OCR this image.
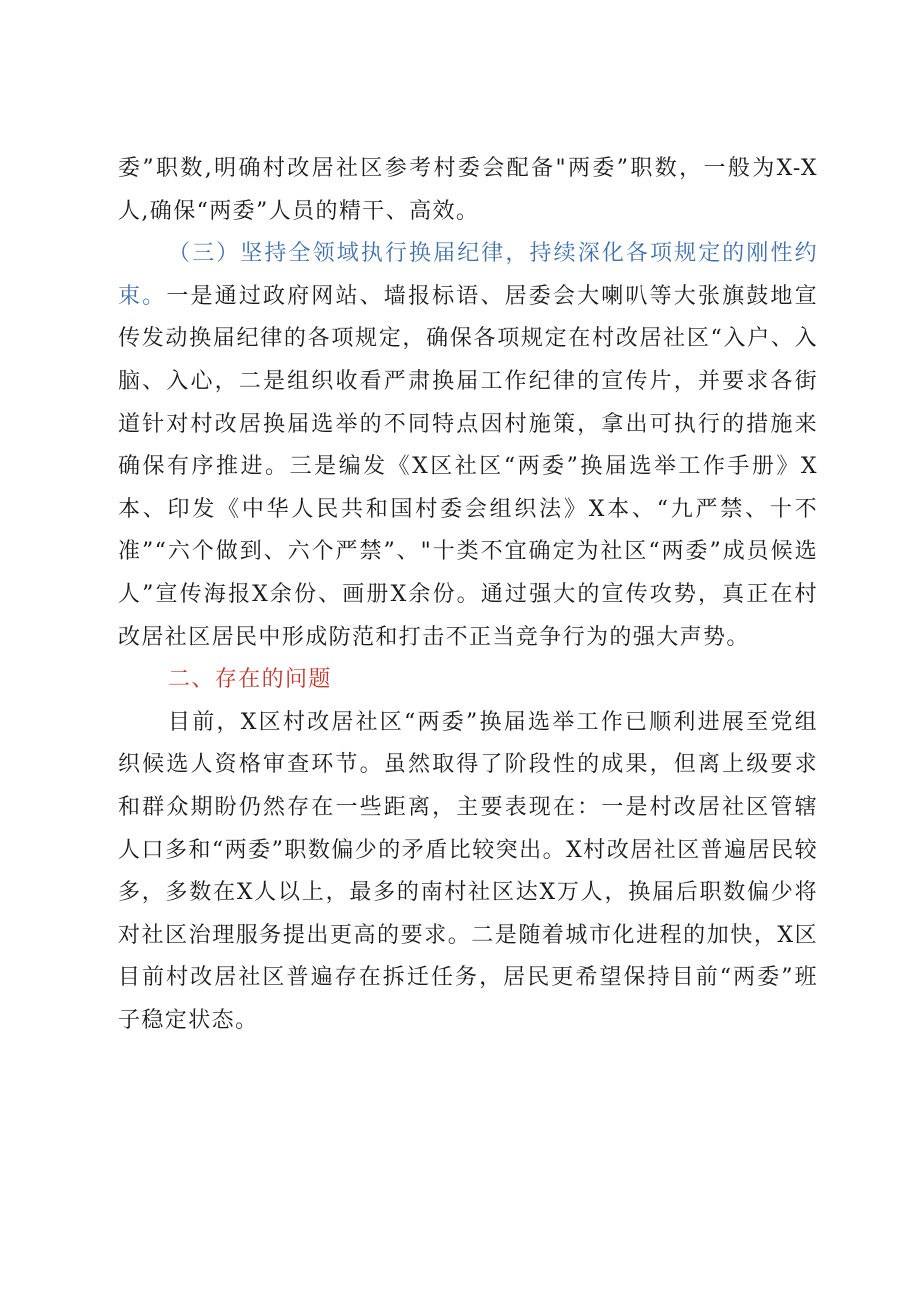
委”职数,明确村改居社区参考村委会配备"两委”职数，一般为X-X人,确保“两委”人员的精干、高效。

（三）坚持全领域执行换届纪律，持续深化各项规定的刚性约束。一是通过政府网站、墙报标语、居委会大喇叭等大张旗鼓地宣传发动换届纪律的各项规定，确保各项规定在村改居社区“入户、入脑、入心，二是组织收看严肃换届工作纪律的宣传片，并要求各街道针对村改居换届选举的不同特点因村施策，拿出可执行的措施来确保有序推进。三是编发《X区社区“两委”换届选举工作手册》X本、印发《中华人民共和国村委会组织法》X本、“九严禁、十不准”“六个做到、六个严禁”、"十类不宜确定为社区“两委”成员候选人”宣传海报X余份、画册X余份。通过强大的宣传攻势，真正在村改居社区居民中形成防范和打击不正当竞争行为的强大声势。

二、存在的问题

目前，X区村改居社区“两委”换届选举工作已顺利进展至党组织候选人资格审查环节。虽然取得了阶段性的成果，但离上级要求和群众期盼仍然存在一些距离，主要表现在：一是村改居社区管辖人口多和“两委”职数偏少的矛盾比较突出。X村改居社区普遍居民较多，多数在X人以上，最多的南村社区达X万人，换届后职数偏少将对社区治理服务提出更高的要求。二是随着城市化进程的加快，X区目前村改居社区普遍存在拆迁任务，居民更希望保持目前“两委”班子稳定状态。
